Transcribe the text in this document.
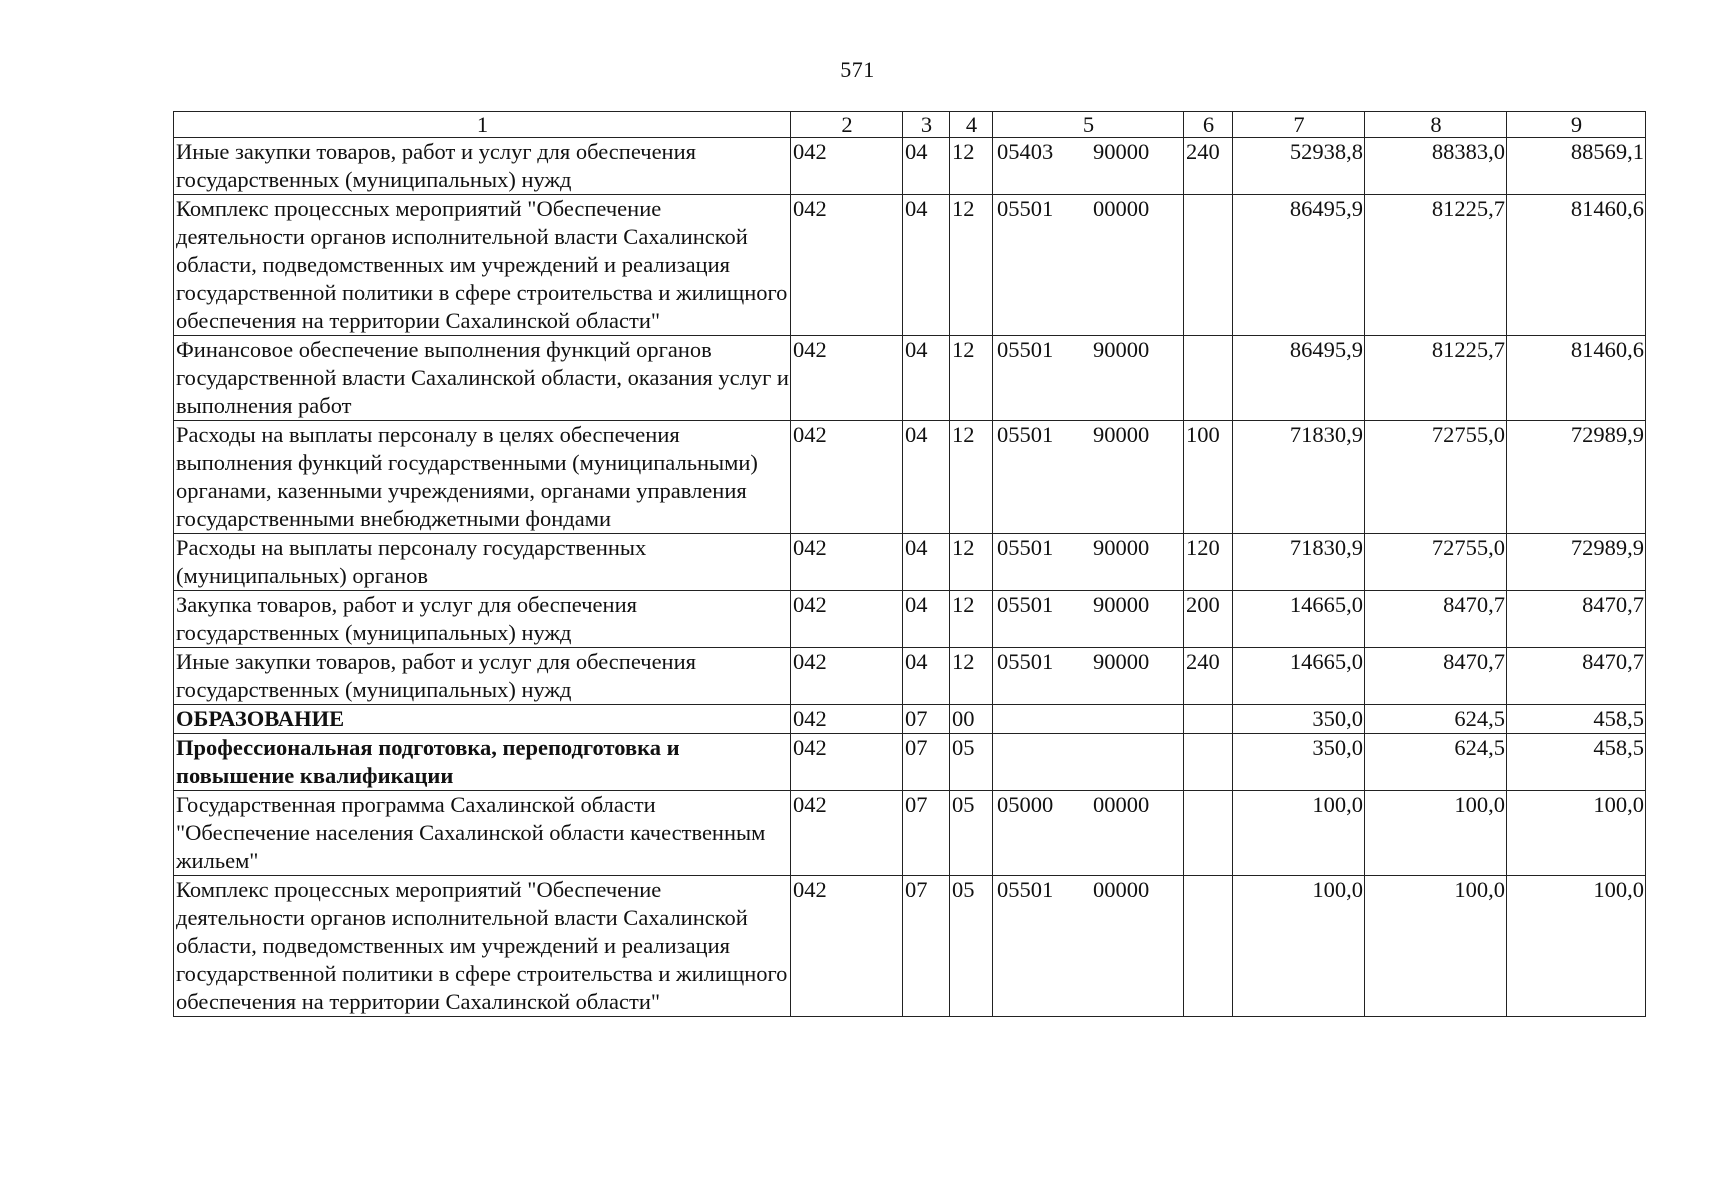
571
1	2	3	4	5	6	7	8	9
Иные закупки товаров, работ и услуг для обеспечения государственных (муниципальных) нужд	042	04	12	05403 90000	240	52938,8	88383,0	88569,1
Комплекс процессных мероприятий "Обеспечение деятельности органов исполнительной власти Сахалинской области, подведомственных им учреждений и реализация государственной политики в сфере строительства и жилищного обеспечения на территории Сахалинской области"	042	04	12	05501 00000		86495,9	81225,7	81460,6
Финансовое обеспечение выполнения функций органов государственной власти Сахалинской области, оказания услуг и выполнения работ	042	04	12	05501 90000		86495,9	81225,7	81460,6
Расходы на выплаты персоналу в целях обеспечения выполнения функций государственными (муниципальными) органами, казенными учреждениями, органами управления государственными внебюджетными фондами	042	04	12	05501 90000	100	71830,9	72755,0	72989,9
Расходы на выплаты персоналу государственных (муниципальных) органов	042	04	12	05501 90000	120	71830,9	72755,0	72989,9
Закупка товаров, работ и услуг для обеспечения государственных (муниципальных) нужд	042	04	12	05501 90000	200	14665,0	8470,7	8470,7
Иные закупки товаров, работ и услуг для обеспечения государственных (муниципальных) нужд	042	04	12	05501 90000	240	14665,0	8470,7	8470,7
ОБРАЗОВАНИЕ	042	07	00			350,0	624,5	458,5
Профессиональная подготовка, переподготовка и повышение квалификации	042	07	05			350,0	624,5	458,5
Государственная программа Сахалинской области "Обеспечение населения Сахалинской области качественным жильем"	042	07	05	05000 00000		100,0	100,0	100,0
Комплекс процессных мероприятий "Обеспечение деятельности органов исполнительной власти Сахалинской области, подведомственных им учреждений и реализация государственной политики в сфере строительства и жилищного обеспечения на территории Сахалинской области"	042	07	05	05501 00000		100,0	100,0	100,0
